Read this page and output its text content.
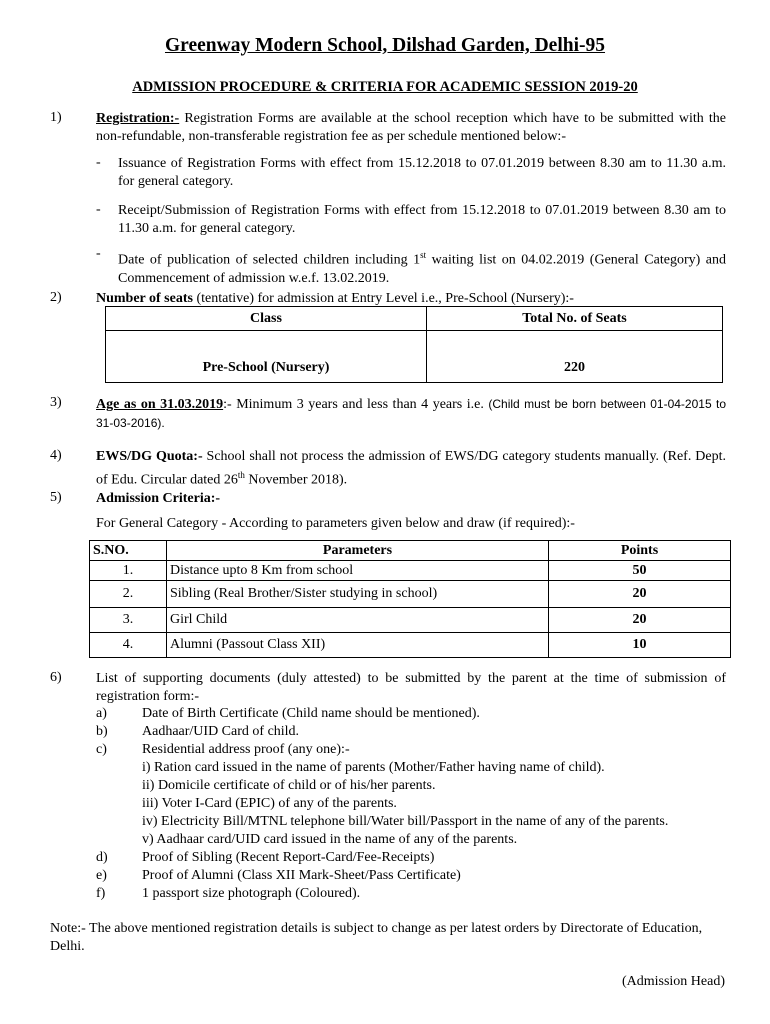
Greenway Modern School, Dilshad Garden, Delhi-95
ADMISSION PROCEDURE & CRITERIA FOR ACADEMIC SESSION 2019-20
1) Registration:- Registration Forms are available at the school reception which have to be submitted with the non-refundable, non-transferable registration fee as per schedule mentioned below:-
- Issuance of Registration Forms with effect from 15.12.2018 to 07.01.2019 between 8.30 am to 11.30 a.m. for general category.
- Receipt/Submission of Registration Forms with effect from 15.12.2018 to 07.01.2019 between 8.30 am to 11.30 a.m. for general category.
- Date of publication of selected children including 1st waiting list on 04.02.2019 (General Category) and Commencement of admission w.e.f. 13.02.2019.
2) Number of seats (tentative) for admission at Entry Level i.e., Pre-School (Nursery):-
Class	Total No. of Seats
Pre-School (Nursery)	220
3) Age as on 31.03.2019:- Minimum 3 years and less than 4 years i.e. (Child must be born between 01-04-2015 to 31-03-2016).
4) EWS/DG Quota:- School shall not process the admission of EWS/DG category students manually. (Ref. Dept. of Edu. Circular dated 26th November 2018).
5) Admission Criteria:-
For General Category - According to parameters given below and draw (if required):-
S.NO.	Parameters	Points
1.	Distance upto 8 Km from school	50
2.	Sibling (Real Brother/Sister studying in school)	20
3.	Girl Child	20
4.	Alumni (Passout Class XII)	10
6) List of supporting documents (duly attested) to be submitted by the parent at the time of submission of registration form:-
a)	Date of Birth Certificate (Child name should be mentioned).
b) Aadhaar/UID Card of child.
c)	Residential address proof (any one):-
i) Ration card issued in the name of parents (Mother/Father having name of child).
ii) Domicile certificate of child or of his/her parents.
iii) Voter I-Card (EPIC) of any of the parents.
iv) Electricity Bill/MTNL telephone bill/Water bill/Passport in the name of any of the parents.
v) Aadhaar card/UID card issued in the name of any of the parents.
d) Proof of Sibling (Recent Report-Card/Fee-Receipts)
e)	Proof of Alumni (Class XII Mark-Sheet/Pass Certificate)
f)	1 passport size photograph (Coloured).
Note:- The above mentioned registration details is subject to change as per latest orders by Directorate of Education, Delhi.
(Admission Head)
